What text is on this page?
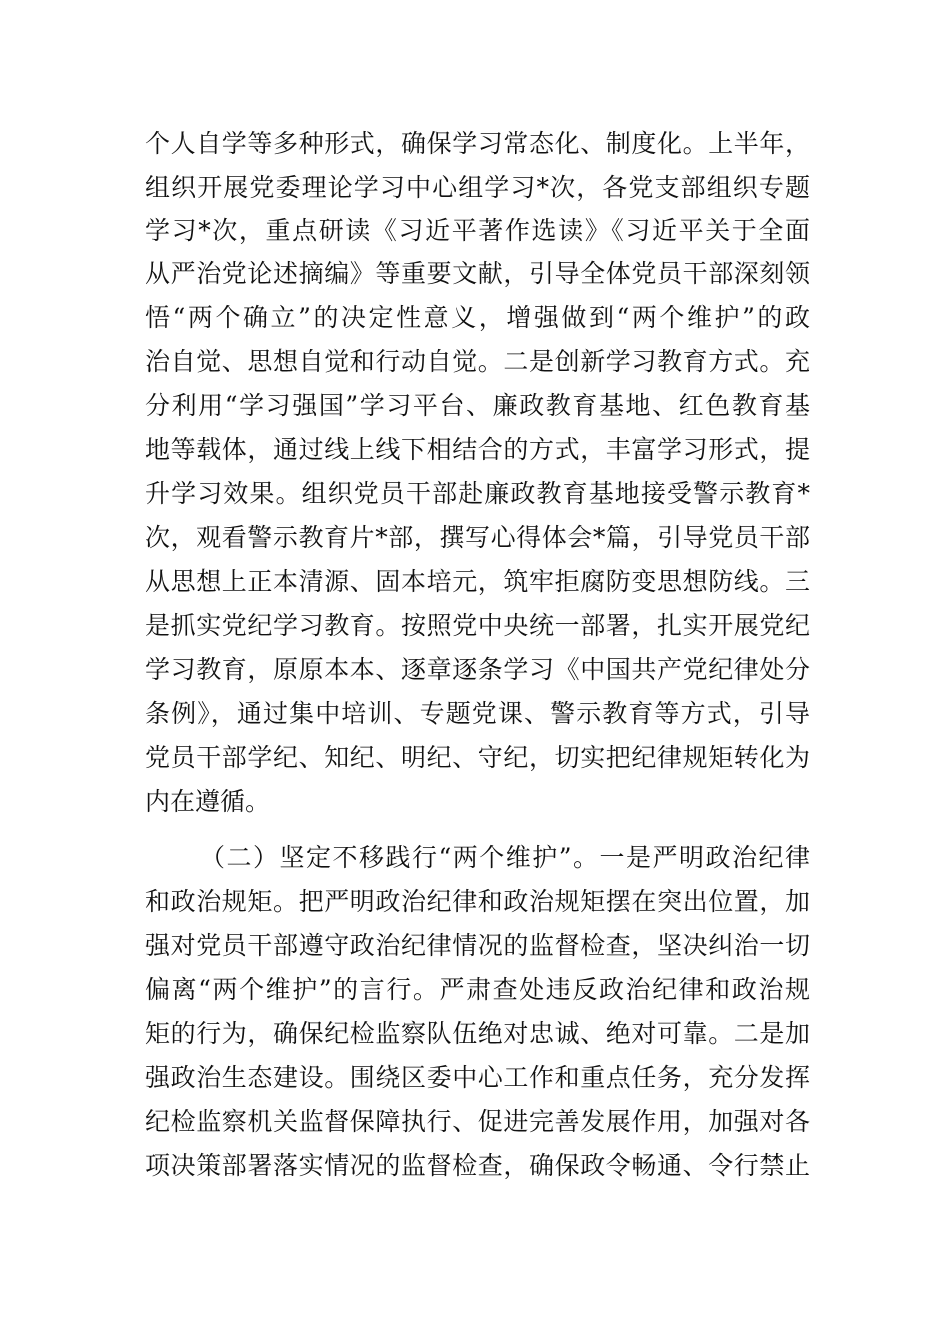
个人自学等多种形式，确保学习常态化、制度化。上半年，
组织开展党委理论学习中心组学习*次，各党支部组织专题
学习*次，重点研读《习近平著作选读》《习近平关于全面
从严治党论述摘编》等重要文献，引导全体党员干部深刻领
悟“两个确立”的决定性意义，增强做到“两个维护”的政
治自觉、思想自觉和行动自觉。二是创新学习教育方式。充
分利用“学习强国”学习平台、廉政教育基地、红色教育基
地等载体，通过线上线下相结合的方式，丰富学习形式，提
升学习效果。组织党员干部赴廉政教育基地接受警示教育*
次，观看警示教育片*部，撰写心得体会*篇，引导党员干部
从思想上正本清源、固本培元，筑牢拒腐防变思想防线。三
是抓实党纪学习教育。按照党中央统一部署，扎实开展党纪
学习教育，原原本本、逐章逐条学习《中国共产党纪律处分
条例》，通过集中培训、专题党课、警示教育等方式，引导
党员干部学纪、知纪、明纪、守纪，切实把纪律规矩转化为
内在遵循。
（二）坚定不移践行“两个维护”。一是严明政治纪律
和政治规矩。把严明政治纪律和政治规矩摆在突出位置，加
强对党员干部遵守政治纪律情况的监督检查，坚决纠治一切
偏离“两个维护”的言行。严肃查处违反政治纪律和政治规
矩的行为，确保纪检监察队伍绝对忠诚、绝对可靠。二是加
强政治生态建设。围绕区委中心工作和重点任务，充分发挥
纪检监察机关监督保障执行、促进完善发展作用，加强对各
项决策部署落实情况的监督检查，确保政令畅通、令行禁止
